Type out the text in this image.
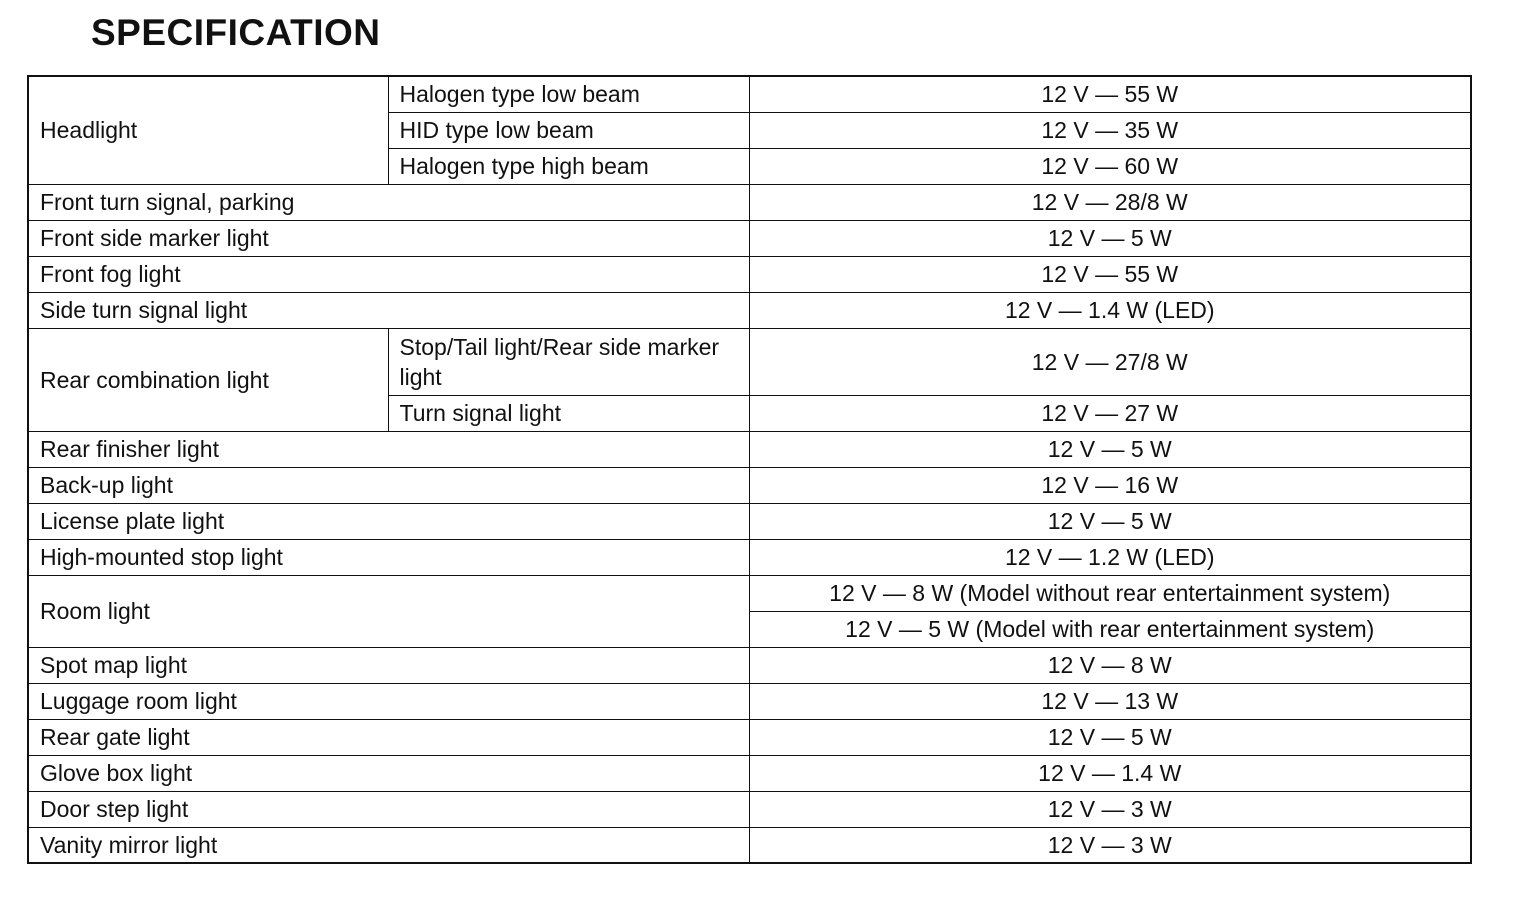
SPECIFICATION
Headlight	Halogen type low beam	12 V — 55 W
	HID type low beam	12 V — 35 W
	Halogen type high beam	12 V — 60 W
Front turn signal, parking		12 V — 28/8 W
Front side marker light		12 V — 5 W
Front fog light		12 V — 55 W
Side turn signal light		12 V — 1.4 W (LED)
Rear combination light	Stop/Tail light/Rear side marker light	12 V — 27/8 W
	Turn signal light	12 V — 27 W
Rear finisher light		12 V — 5 W
Back-up light		12 V — 16 W
License plate light		12 V — 5 W
High-mounted stop light		12 V — 1.2 W (LED)
Room light		12 V — 8 W (Model without rear entertainment system)
		12 V — 5 W (Model with rear entertainment system)
Spot map light		12 V — 8 W
Luggage room light		12 V — 13 W
Rear gate light		12 V — 5 W
Glove box light		12 V — 1.4 W
Door step light		12 V — 3 W
Vanity mirror light		12 V — 3 W
